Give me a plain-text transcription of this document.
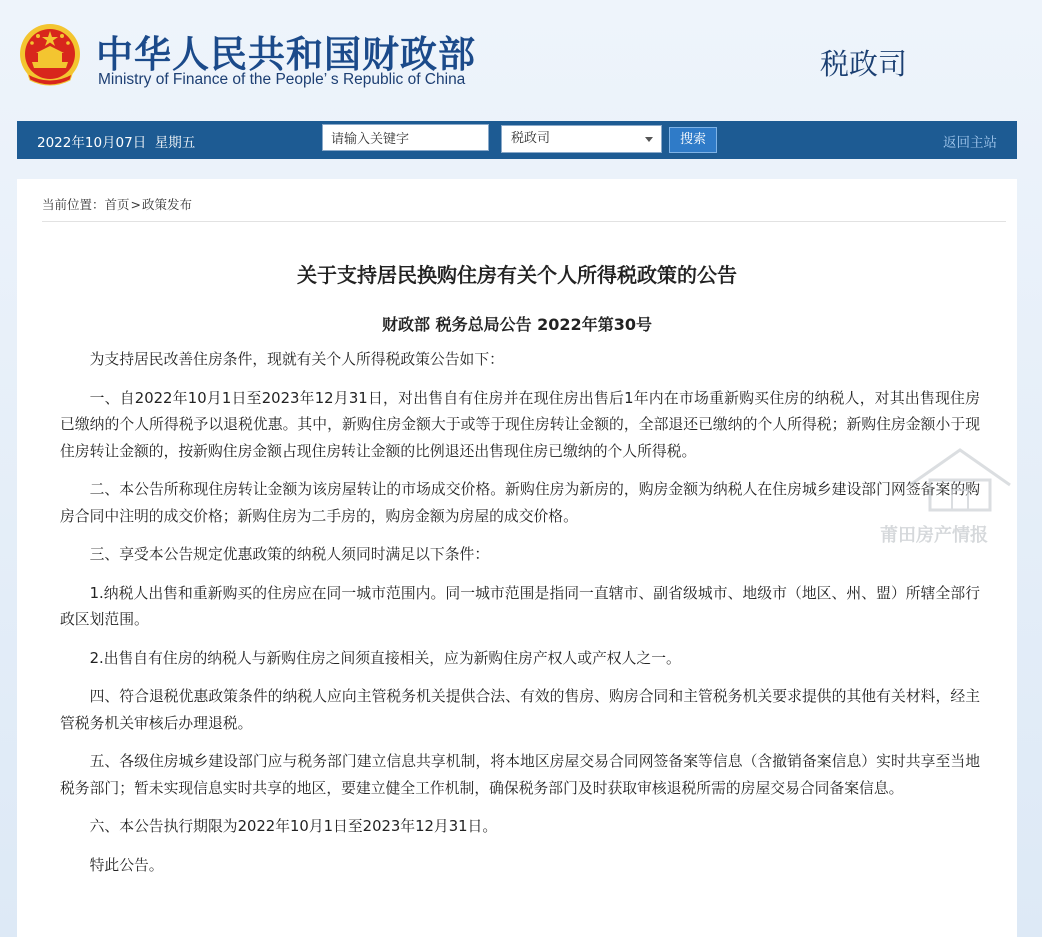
中华人民共和国财政部
Ministry of Finance of the People’ s Republic of China	税政司
2022年10月07日  星期五
请输入关键字	税政司	搜索	返回主站
当前位置：首页>政策发布
关于支持居民换购住房有关个人所得税政策的公告
财政部 税务总局公告 2022年第30号

为支持居民改善住房条件，现就有关个人所得税政策公告如下：

一、自2022年10月1日至2023年12月31日，对出售自有住房并在现住房出售后1年内在市场重新购买住房的纳税人，对其出售现住房已缴纳的个人所得税予以退税优惠。其中，新购住房金额大于或等于现住房转让金额的，全部退还已缴纳的个人所得税；新购住房金额小于现住房转让金额的，按新购住房金额占现住房转让金额的比例退还出售现住房已缴纳的个人所得税。

二、本公告所称现住房转让金额为该房屋转让的市场成交价格。新购住房为新房的，购房金额为纳税人在住房城乡建设部门网签备案的购房合同中注明的成交价格；新购住房为二手房的，购房金额为房屋的成交价格。

三、享受本公告规定优惠政策的纳税人须同时满足以下条件：

1.纳税人出售和重新购买的住房应在同一城市范围内。同一城市范围是指同一直辖市、副省级城市、地级市（地区、州、盟）所辖全部行政区划范围。

2.出售自有住房的纳税人与新购住房之间须直接相关，应为新购住房产权人或产权人之一。

四、符合退税优惠政策条件的纳税人应向主管税务机关提供合法、有效的售房、购房合同和主管税务机关要求提供的其他有关材料，经主管税务机关审核后办理退税。

五、各级住房城乡建设部门应与税务部门建立信息共享机制，将本地区房屋交易合同网签备案等信息（含撤销备案信息）实时共享至当地税务部门；暂未实现信息实时共享的地区，要建立健全工作机制，确保税务部门及时获取审核退税所需的房屋交易合同备案信息。

六、本公告执行期限为2022年10月1日至2023年12月31日。

特此公告。

莆田房产情报
